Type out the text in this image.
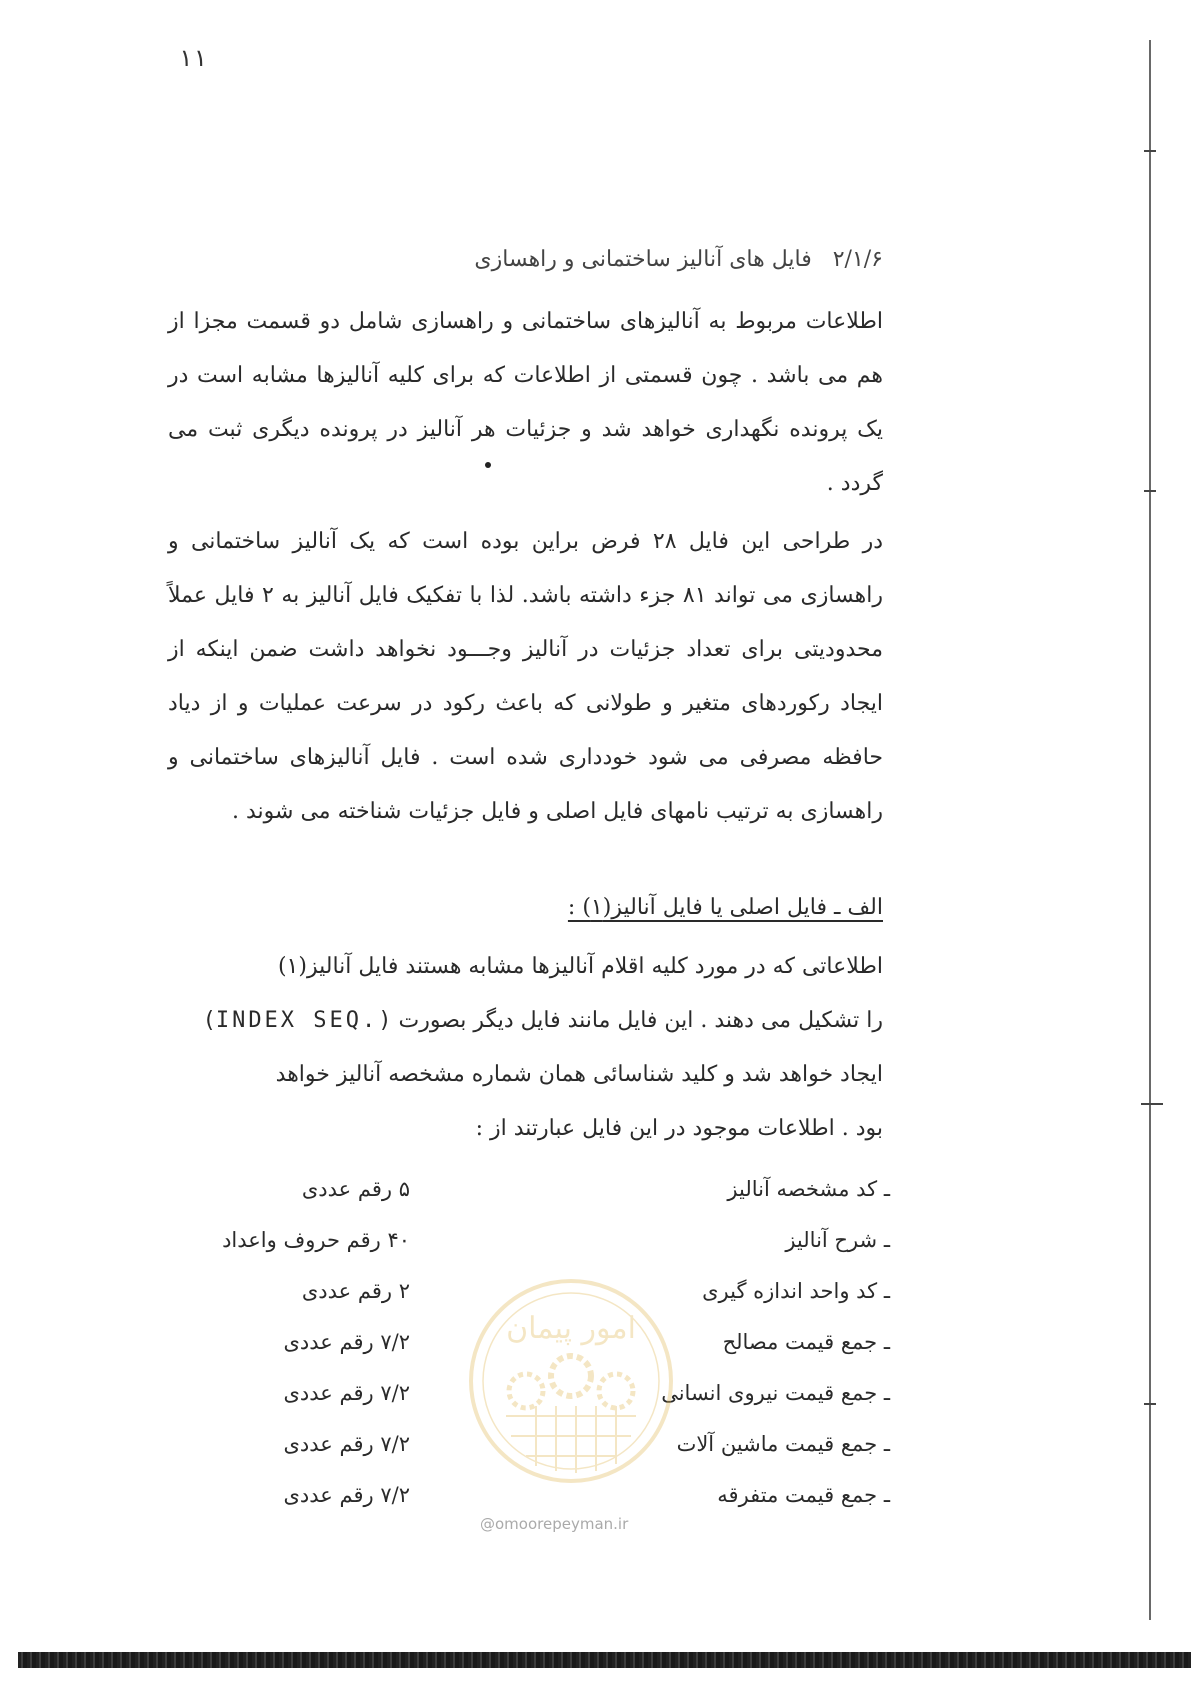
۱۱
۲/۱/۶ فایل های آنالیز ساختمانی و راهسازی
اطلاعات مربوط به آنالیزهای ساختمانی و راهسازی شامل دو قسمت مجزا از هم می باشد . چون قسمتی از اطلاعات که برای کلیه آنالیزها مشابه است در یک پرونده نگهداری خواهد شد و جزئیات هر آنالیز در پرونده دیگری ثبت می گردد .
در طراحی این فایل ۲۸ فرض براین بوده است که یک آنالیز ساختمانی و راهسازی می تواند ۸۱ جزء داشته باشد. لذا با تفکیک فایل آنالیز به ۲ فایل عملاً محدودیتی برای تعداد جزئیات در آنالیز وجـــود نخواهد داشت ضمن اینکه از ایجاد رکوردهای متغیر و طولانی که باعث رکود در سرعت عملیات و از دیاد حافظه مصرفی می شود خودداری شده است . فایل آنالیزهای ساختمانی و راهسازی به ترتیب نامهای فایل اصلی و فایل جزئیات شناخته می شوند .
الف ـ فایل اصلی یا فایل آنالیز(۱) :
اطلاعاتی که در مورد کلیه اقلام آنالیزها مشابه هستند فایل آنالیز(۱)
را تشکیل می دهند . این فایل مانند فایل دیگر بصورت (INDEX SEQ.)
ایجاد خواهد شد و کلید شناسائی همان شماره مشخصه آنالیز خواهد
بود . اطلاعات موجود در این فایل عبارتند از :
ـ کد مشخصه آنالیز
۵ رقم عددی
ـ شرح آنالیز
۴۰ رقم حروف واعداد
ـ کد واحد اندازه گیری
۲ رقم عددی
ـ جمع قیمت مصالح
۷/۲ رقم عددی
ـ جمع قیمت نیروی انسانی
۷/۲ رقم عددی
ـ جمع قیمت ماشین آلات
۷/۲ رقم عددی
ـ جمع قیمت متفرقه
۷/۲ رقم عددی
امور پیمان
@omoorepeyman.ir
